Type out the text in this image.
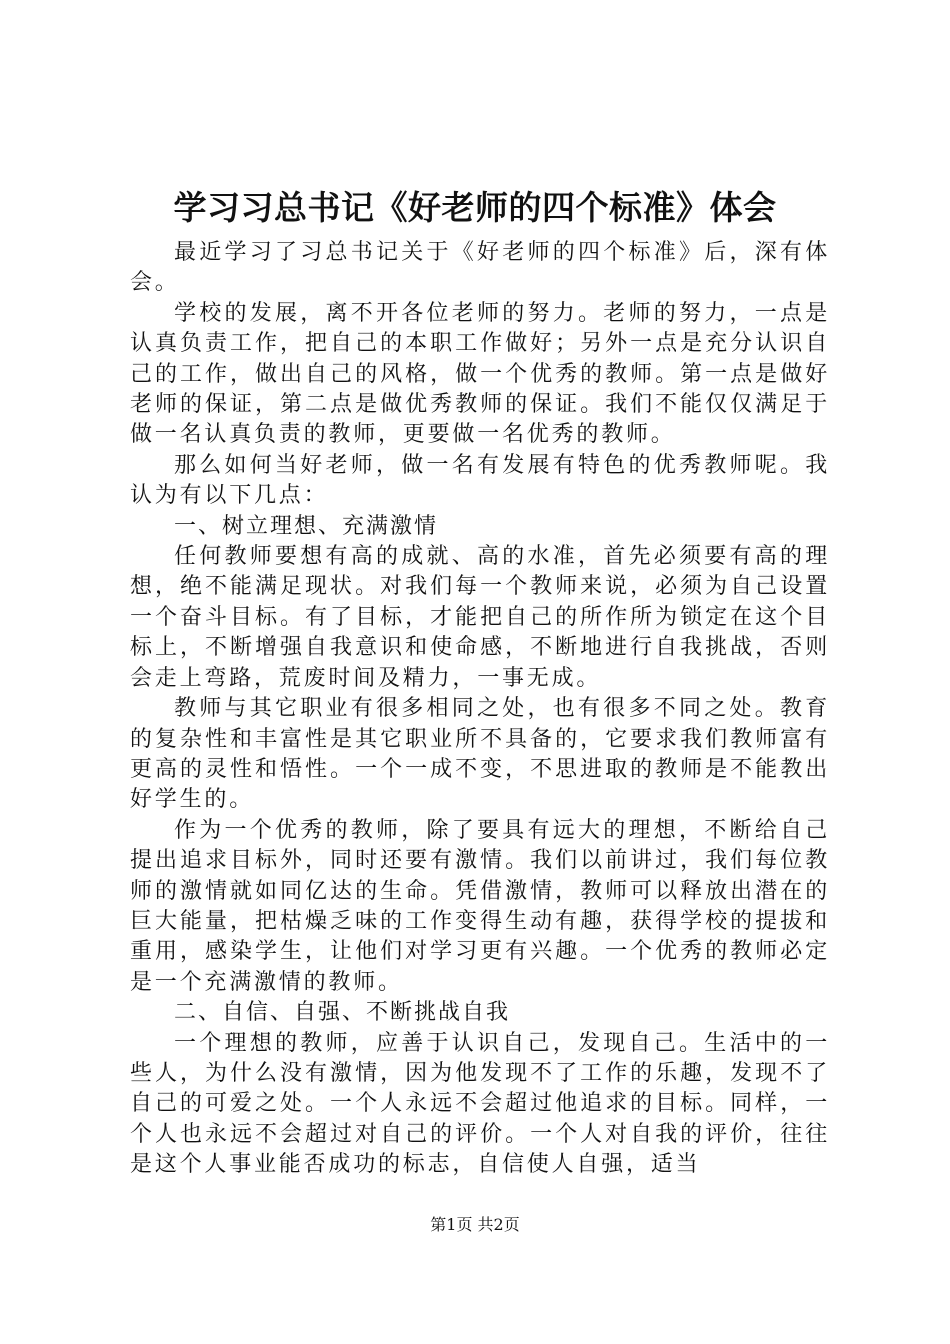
学习习总书记《好老师的四个标准》体会

最近学习了习总书记关于《好老师的四个标准》后，深有体会。

学校的发展，离不开各位老师的努力。老师的努力，一点是认真负责工作，把自己的本职工作做好；另外一点是充分认识自己的工作，做出自己的风格，做一个优秀的教师。第一点是做好老师的保证，第二点是做优秀教师的保证。我们不能仅仅满足于做一名认真负责的教师，更要做一名优秀的教师。

那么如何当好老师，做一名有发展有特色的优秀教师呢。我认为有以下几点：

一、树立理想、充满激情

任何教师要想有高的成就、高的水准，首先必须要有高的理想，绝不能满足现状。对我们每一个教师来说，必须为自己设置一个奋斗目标。有了目标，才能把自己的所作所为锁定在这个目标上，不断增强自我意识和使命感，不断地进行自我挑战，否则会走上弯路，荒废时间及精力，一事无成。

教师与其它职业有很多相同之处，也有很多不同之处。教育的复杂性和丰富性是其它职业所不具备的，它要求我们教师富有更高的灵性和悟性。一个一成不变，不思进取的教师是不能教出好学生的。

作为一个优秀的教师，除了要具有远大的理想，不断给自己提出追求目标外，同时还要有激情。我们以前讲过，我们每位教师的激情就如同亿达的生命。凭借激情，教师可以释放出潜在的巨大能量，把枯燥乏味的工作变得生动有趣，获得学校的提拔和重用，感染学生，让他们对学习更有兴趣。一个优秀的教师必定是一个充满激情的教师。

二、自信、自强、不断挑战自我

一个理想的教师，应善于认识自己，发现自己。生活中的一些人，为什么没有激情，因为他发现不了工作的乐趣，发现不了自己的可爱之处。一个人永远不会超过他追求的目标。同样，一个人也永远不会超过对自己的评价。一个人对自我的评价，往往是这个人事业能否成功的标志，自信使人自强，适当

第1页 共2页
